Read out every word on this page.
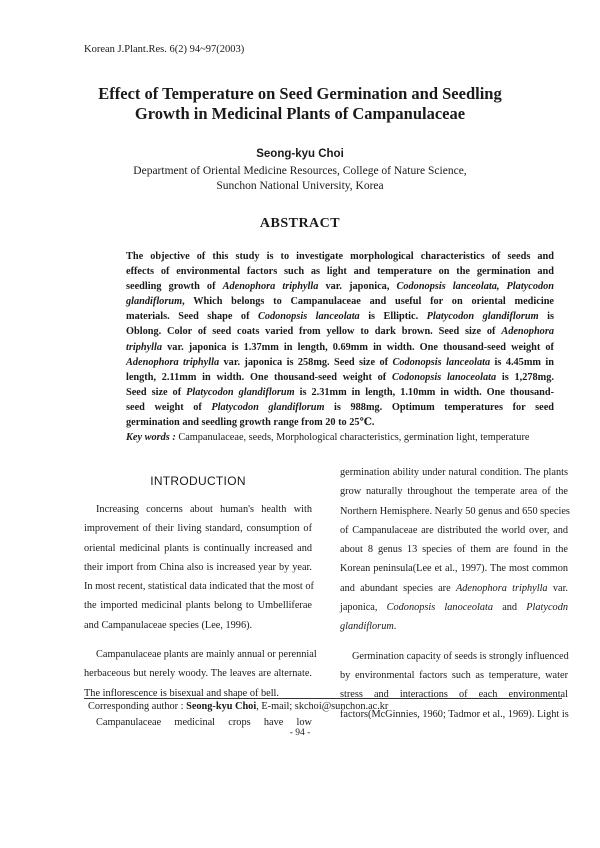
Korean J.Plant.Res. 6(2) 94~97(2003)
Effect of Temperature on Seed Germination and Seedling
Growth in Medicinal Plants of Campanulaceae
Seong-kyu Choi
Department of Oriental Medicine Resources, College of Nature Science,
Sunchon National University, Korea
ABSTRACT
The objective of this study is to investigate morphological characteristics of seeds and
effects of environmental factors such as light and temperature on the germination and
seedling growth of Adenophora triphylla var. japonica, Codonopsis lanceolata, Platycodon
glandiflorum, Which belongs to Campanulaceae and useful for on oriental medicine
materials. Seed shape of Codonopsis lanceolata is Elliptic. Platycodon glandiflorum is
Oblong. Color of seed coats varied from yellow to dark brown. Seed size of Adenophora
triphylla var. japonica is 1.37mm in length, 0.69mm in width. One thousand-seed weight of
Adenophora triphylla var. japonica is 258mg. Seed size of Codonopsis lanceolata is 4.45mm in
length, 2.11mm in width. One thousand-seed weight of Codonopsis lanoceolata is 1,278mg.
Seed size of Platycodon glandiflorum is 2.31mm in length, 1.10mm in width. One thousand-
seed weight of Platycodon glandiflorum is 988mg. Optimum temperatures for seed
germination and seedling growth range from 20 to 25℃.
Key words : Campanulaceae, seeds, Morphological characteristics, germination light, temperature
INTRODUCTION
Increasing concerns about human's health with
improvement of their living standard, consumption of
oriental medicinal plants is continually increased and
their import from China also is increased year by year.
In most recent, statistical data indicated that the most of
the imported medicinal plants belong to Umbelliferae
and Campanulaceae species (Lee, 1996).
Campanulaceae plants are mainly annual or perennial
herbaceous but nerely woody. The leaves are alternate.
The inflorescence is bisexual and shape of bell.
Campanulaceae medicinal crops have low
germination ability under natural condition. The plants
grow naturally throughout the temperate area of the
Northern Hemisphere. Nearly 50 genus and 650 species
of Campanulaceae are distributed the world over, and
about 8 genus 13 species of them are found in the
Korean peninsula(Lee et al., 1997). The most common
and abundant species are Adenophora triphylla var.
japonica, Codonopsis lanoceolata and Platycodn
glandiflorum.
Germination capacity of seeds is strongly influenced
by environmental factors such as temperature, water
stress and interactions of each environmental
factors(McGinnies, 1960; Tadmor et al., 1969). Light is
Corresponding author : Seong-kyu Choi, E-mail; skchoi@sunchon.ac.kr
- 94 -
